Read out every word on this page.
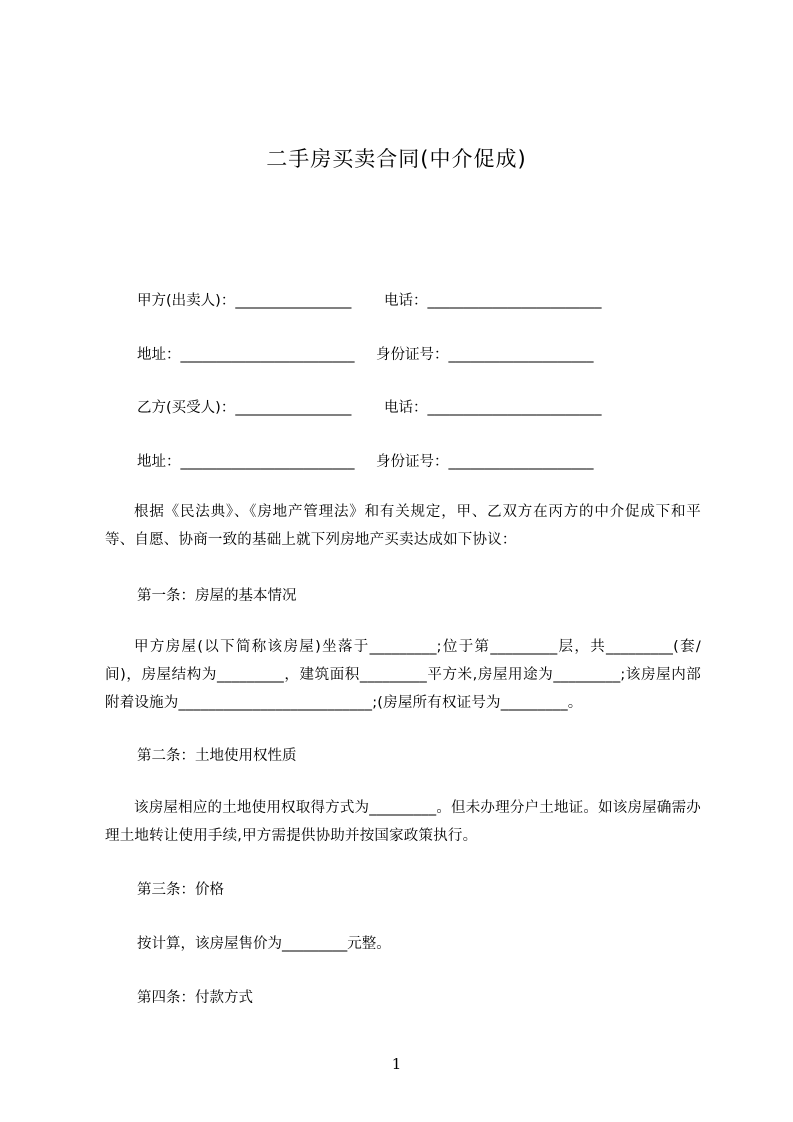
二手房买卖合同(中介促成)
甲方(出卖人)：________________ 电话：________________________
地址：________________________ 身份证号：____________________
乙方(买受人)：________________ 电话：________________________
地址：________________________ 身份证号：____________________
根据《民法典》、《房地产管理法》和有关规定，甲、乙双方在丙方的中介促成下和平等、自愿、协商一致的基础上就下列房地产买卖达成如下协议：
第一条：房屋的基本情况
甲方房屋(以下简称该房屋)坐落于_________;位于第_________层，共_________(套/间)，房屋结构为_________，建筑面积_________平方米,房屋用途为_________;该房屋内部附着设施为__________________________;(房屋所有权证号为_________。
第二条：土地使用权性质
该房屋相应的土地使用权取得方式为_________。但未办理分户土地证。如该房屋确需办理土地转让使用手续,甲方需提供协助并按国家政策执行。
第三条：价格
按计算，该房屋售价为_________元整。
第四条：付款方式
1
